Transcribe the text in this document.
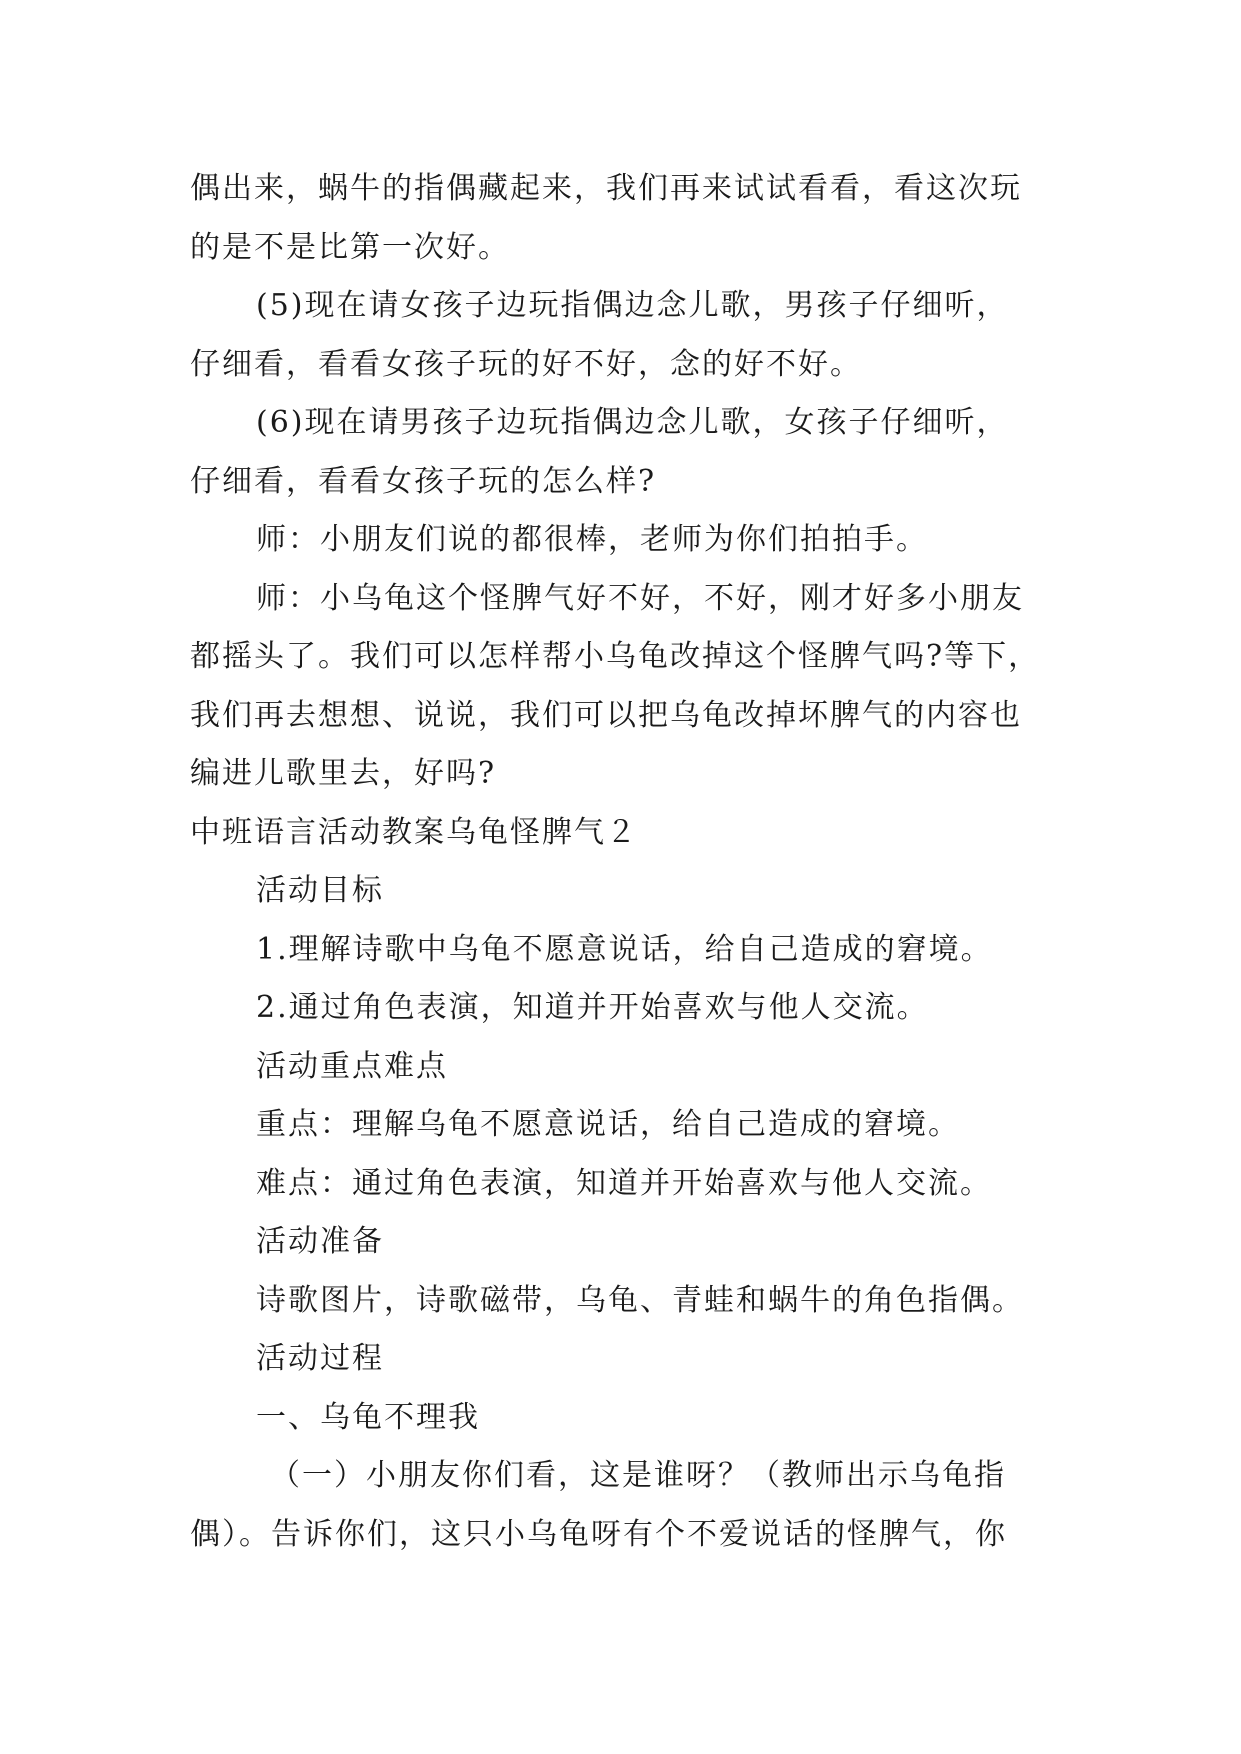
偶出来，蜗牛的指偶藏起来，我们再来试试看看，看这次玩
的是不是比第一次好。
(5)现在请女孩子边玩指偶边念儿歌，男孩子仔细听，
仔细看，看看女孩子玩的好不好，念的好不好。
(6)现在请男孩子边玩指偶边念儿歌，女孩子仔细听，
仔细看，看看女孩子玩的怎么样?
师：小朋友们说的都很棒，老师为你们拍拍手。
师：小乌龟这个怪脾气好不好，不好，刚才好多小朋友
都摇头了。我们可以怎样帮小乌龟改掉这个怪脾气吗?等下，
我们再去想想、说说，我们可以把乌龟改掉坏脾气的内容也
编进儿歌里去，好吗?
中班语言活动教案乌龟怪脾气２
活动目标
1.理解诗歌中乌龟不愿意说话，给自己造成的窘境。
2.通过角色表演，知道并开始喜欢与他人交流。
活动重点难点
重点：理解乌龟不愿意说话，给自己造成的窘境。
难点：通过角色表演，知道并开始喜欢与他人交流。
活动准备
诗歌图片，诗歌磁带，乌龟、青蛙和蜗牛的角色指偶。
活动过程
一、乌龟不理我
（一）小朋友你们看，这是谁呀？（教师出示乌龟指
偶）。告诉你们，这只小乌龟呀有个不爱说话的怪脾气，你
